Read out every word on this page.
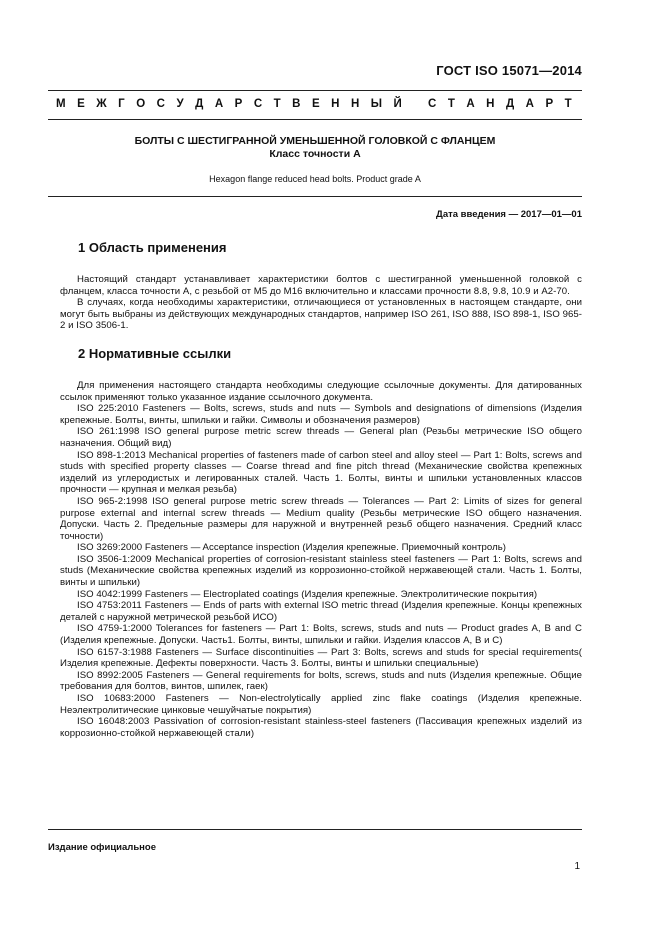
ГОСТ ISO 15071—2014
М Е Ж Г О С У Д А Р С Т В Е Н Н Ы Й
С Т А Н Д А Р Т
БОЛТЫ С ШЕСТИГРАННОЙ УМЕНЬШЕННОЙ ГОЛОВКОЙ С ФЛАНЦЕМ
Класс точности А
Hexagon flange reduced head bolts. Product grade A
Дата введения — 2017—01—01
1 Область применения

Настоящий стандарт устанавливает характеристики болтов с шестигранной уменьшенной головкой с фланцем, класса точности А, с резьбой от М5 до М16 включительно и классами прочности 8.8, 9.8, 10.9 и А2-70.

В случаях, когда необходимы характеристики, отличающиеся от установленных в настоящем стандарте, они могут быть выбраны из действующих международных стандартов, например ISO 261, ISO 888, ISO 898-1, ISO 965-2 и ISO 3506-1.

2 Нормативные ссылки

Для применения настоящего стандарта необходимы следующие ссылочные документы. Для датированных ссылок применяют только указанное издание ссылочного документа.

ISO 225:2010 Fasteners — Bolts, screws, studs and nuts — Symbols and designations of dimensions (Изделия крепежные. Болты, винты, шпильки и гайки. Символы и обозначения размеров)

ISO 261:1998 ISO general purpose metric screw threads — General plan (Резьбы метрические ISO общего назначения. Общий вид)

ISO 898-1:2013 Mechanical properties of fasteners made of carbon steel and alloy steel — Part 1: Bolts, screws and studs with specified property classes — Coarse thread and fine pitch thread (Механические свойства крепежных изделий из углеродистых и легированных сталей. Часть 1. Болты, винты и шпильки установленных классов прочности — крупная и мелкая резьба)

ISO 965-2:1998 ISO general purpose metric screw threads — Tolerances — Part 2: Limits of sizes for general purpose external and internal screw threads — Medium quality (Резьбы метрические ISO общего назначения. Допуски. Часть 2. Предельные размеры для наружной и внутренней резьб общего назначения. Средний класс точности)

ISO 3269:2000 Fasteners — Acceptance inspection (Изделия крепежные. Приемочный контроль)

ISO 3506-1:2009 Mechanical properties of corrosion-resistant stainless steel fasteners — Part 1: Bolts, screws and studs (Механические свойства крепежных изделий из коррозионно-стойкой нержавеющей стали. Часть 1. Болты, винты и шпильки)

ISO 4042:1999 Fasteners — Electroplated coatings (Изделия крепежные. Электролитические покрытия)

ISO 4753:2011 Fasteners — Ends of parts with external ISO metric thread (Изделия крепежные. Концы крепежных деталей с наружной метрической резьбой ИСО)

ISO 4759-1:2000 Tolerances for fasteners — Part 1: Bolts, screws, studs and nuts — Product grades A, B and C (Изделия крепежные. Допуски. Часть1. Болты, винты, шпильки и гайки. Изделия классов А, В и С)

ISO 6157-3:1988 Fasteners — Surface discontinuities — Part 3: Bolts, screws and studs for special requirements( Изделия крепежные. Дефекты поверхности. Часть 3. Болты, винты и шпильки специальные)

ISO 8992:2005 Fasteners — General requirements for bolts, screws, studs and nuts (Изделия крепежные. Общие требования для болтов, винтов, шпилек, гаек)

ISO 10683:2000 Fasteners — Non-electrolytically applied zinc flake coatings (Изделия крепежные. Неэлектролитические цинковые чешуйчатые покрытия)

ISO 16048:2003 Passivation of corrosion-resistant stainless-steel fasteners (Пассивация крепежных изделий из коррозионно-стойкой нержавеющей стали)

Издание официальное
1
